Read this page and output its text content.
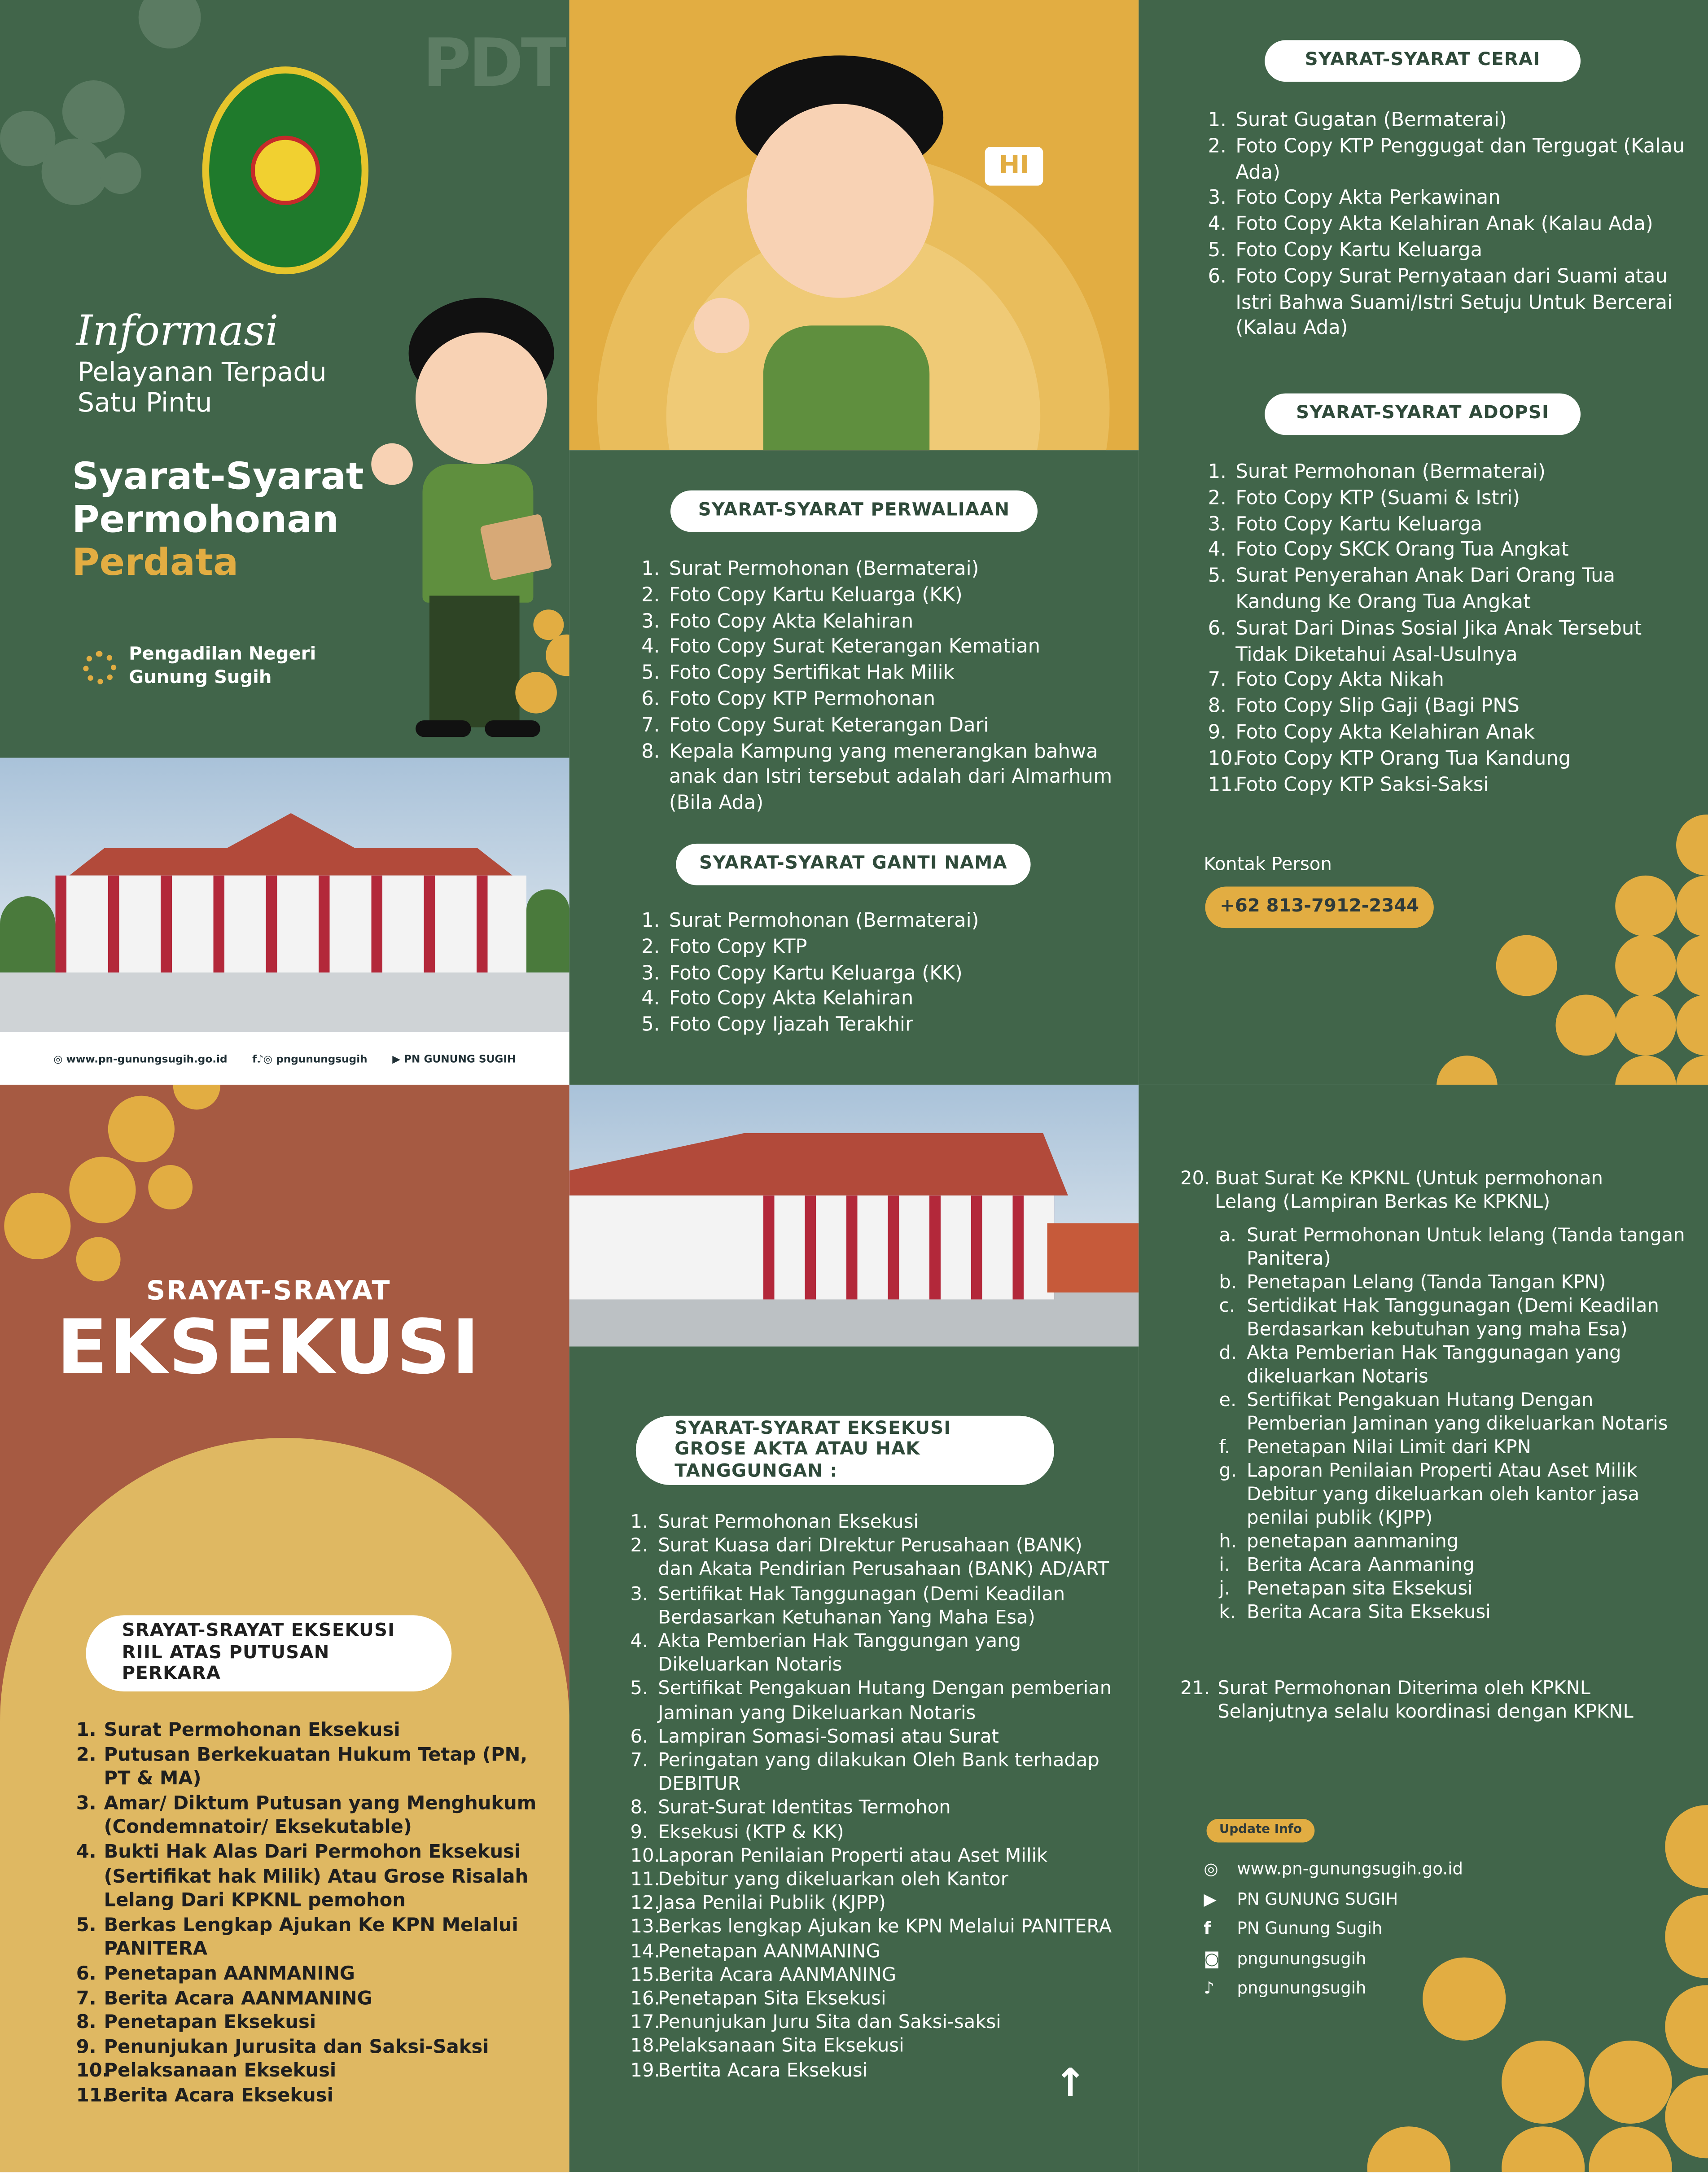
PDT
Informasi
Pelayanan Terpadu
Satu Pintu
Syarat-Syarat
Permohonan
Perdata
Pengadilan Negeri
Gunung Sugih
◎ www.pn-gunungsugih.go.id	f♪◎ pngunungsugih	▶ PN GUNUNG SUGIH
HI
SYARAT-SYARAT PERWALIAAN
1.	Surat Permohonan (Bermaterai)
2.	Foto Copy Kartu Keluarga (KK)
3.	Foto Copy Akta Kelahiran
4.	Foto Copy Surat Keterangan Kematian
5.	Foto Copy Sertifikat Hak Milik
6.	Foto Copy KTP Permohonan
7.	Foto Copy Surat Keterangan Dari
8.	Kepala Kampung yang menerangkan bahwa anak dan Istri tersebut adalah dari Almarhum (Bila Ada)
SYARAT-SYARAT GANTI NAMA
1.	Surat Permohonan (Bermaterai)
2.	Foto Copy KTP
3.	Foto Copy Kartu Keluarga (KK)
4.	Foto Copy Akta Kelahiran
5.	Foto Copy Ijazah Terakhir
SYARAT-SYARAT CERAI
1.	Surat Gugatan (Bermaterai)
2.	Foto Copy KTP Penggugat dan Tergugat (Kalau Ada)
3.	Foto Copy Akta Perkawinan
4.	Foto Copy Akta Kelahiran Anak (Kalau Ada)
5.	Foto Copy Kartu Keluarga
6.	Foto Copy Surat Pernyataan dari Suami atau Istri Bahwa Suami/Istri Setuju Untuk Bercerai (Kalau Ada)
SYARAT-SYARAT ADOPSI
1.	Surat Permohonan (Bermaterai)
2.	Foto Copy KTP (Suami & Istri)
3.	Foto Copy Kartu Keluarga
4.	Foto Copy SKCK Orang Tua Angkat
5.	Surat Penyerahan Anak Dari Orang Tua Kandung Ke Orang Tua Angkat
6.	Surat Dari Dinas Sosial Jika Anak Tersebut Tidak Diketahui Asal-Usulnya
7.	Foto Copy Akta Nikah
8.	Foto Copy Slip Gaji (Bagi PNS
9.	Foto Copy Akta Kelahiran Anak
10.
Foto Copy KTP Orang Tua Kandung
11.
Foto Copy KTP Saksi-Saksi
Kontak Person
+62 813-7912-2344
SRAYAT-SRAYAT
EKSEKUSI
SRAYAT-SRAYAT EKSEKUSI RIIL ATAS PUTUSAN PERKARA
1.	Surat Permohonan Eksekusi
2.	Putusan Berkekuatan Hukum Tetap (PN, PT & MA)
3.	Amar/ Diktum Putusan yang Menghukum (Condemnatoir/ Eksekutable)
4.	Bukti Hak Alas Dari Permohon Eksekusi (Sertifikat hak Milik) Atau Grose Risalah Lelang Dari KPKNL pemohon
5.	Berkas Lengkap Ajukan Ke KPN Melalui PANITERA
6.	Penetapan AANMANING
7.	Berita Acara AANMANING
8.	Penetapan Eksekusi
9.	Penunjukan Jurusita dan Saksi-Saksi
10.
Pelaksanaan Eksekusi
11.
Berita Acara Eksekusi
SYARAT-SYARAT EKSEKUSI GROSE AKTA ATAU HAK TANGGUNGAN :
1.	Surat Permohonan Eksekusi
2.	Surat Kuasa dari DIrektur Perusahaan (BANK) dan Akata Pendirian Perusahaan (BANK) AD/ART
3.	Sertifikat Hak Tanggunagan (Demi Keadilan Berdasarkan Ketuhanan Yang Maha Esa)
4.	Akta Pemberian Hak Tanggungan yang Dikeluarkan Notaris
5.	Sertifikat Pengakuan Hutang Dengan pemberian Jaminan yang Dikeluarkan Notaris
6.	Lampiran Somasi-Somasi atau Surat
7.	Peringatan yang dilakukan Oleh Bank terhadap DEBITUR
8.	Surat-Surat Identitas Termohon
9.	Eksekusi (KTP & KK)
10.
Laporan Penilaian Properti atau Aset Milik
11.
Debitur yang dikeluarkan oleh Kantor
12.
Jasa Penilai Publik (KJPP)
13.
Berkas lengkap Ajukan ke KPN Melalui PANITERA
14.
Penetapan AANMANING
15.
Berita Acara AANMANING
16.
Penetapan Sita Eksekusi
17.
Penunjukan Juru Sita dan Saksi-saksi
18.
Pelaksanaan Sita Eksekusi
19.
Bertita Acara Eksekusi	↑
20. Buat Surat Ke KPKNL (Untuk permohonan Lelang (Lampiran Berkas Ke KPKNL)
a.	Surat Permohonan Untuk lelang (Tanda tangan Panitera)
b.	Penetapan Lelang (Tanda Tangan KPN)
c.	Sertidikat Hak Tanggunagan (Demi Keadilan Berdasarkan kebutuhan yang maha Esa)
d.	Akta Pemberian Hak Tanggunagan yang dikeluarkan Notaris
e.	Sertifikat Pengakuan Hutang Dengan Pemberian Jaminan yang dikeluarkan Notaris
f.	Penetapan Nilai Limit dari KPN
g.	Laporan Penilaian Properti Atau Aset Milik Debitur yang dikeluarkan oleh kantor jasa penilai publik (KJPP)
h.	penetapan aanmaning
i.	Berita Acara Aanmaning
j.	Penetapan sita Eksekusi
k.	Berita Acara Sita Eksekusi
21.	Surat Permohonan Diterima oleh KPKNL Selanjutnya selalu koordinasi dengan KPKNL
Update Info
◎	www.pn-gunungsugih.go.id
▶	PN GUNUNG SUGIH
f	PN Gunung Sugih
◙	pngunungsugih
♪	pngunungsugih
